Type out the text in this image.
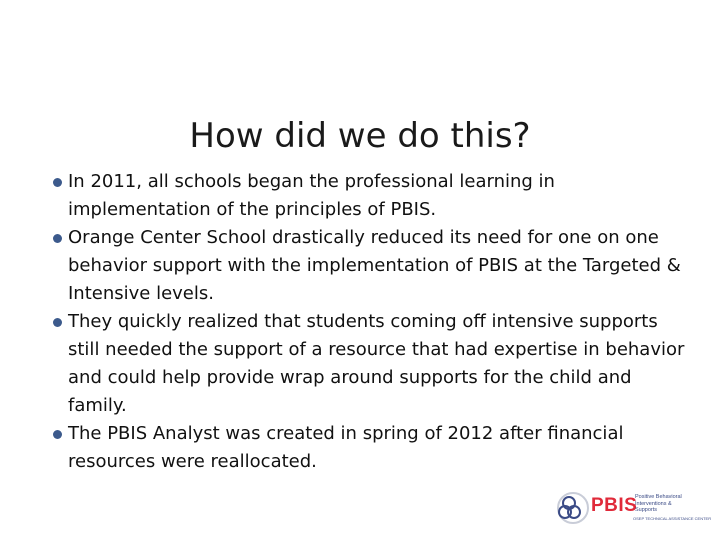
How did we do this?
In 2011, all schools began the professional learning in implementation of the principles of PBIS.
Orange Center School drastically reduced its need for one on one behavior support with the implementation of PBIS at the Targeted & Intensive levels.
They quickly realized that students coming off intensive supports still needed the support of a resource that had expertise in behavior and could help provide wrap around supports for the child and family.
The PBIS Analyst was created in spring of 2012 after financial resources were reallocated.
PBIS
Positive Behavioral Interventions & Supports
OSEP TECHNICAL ASSISTANCE CENTER
